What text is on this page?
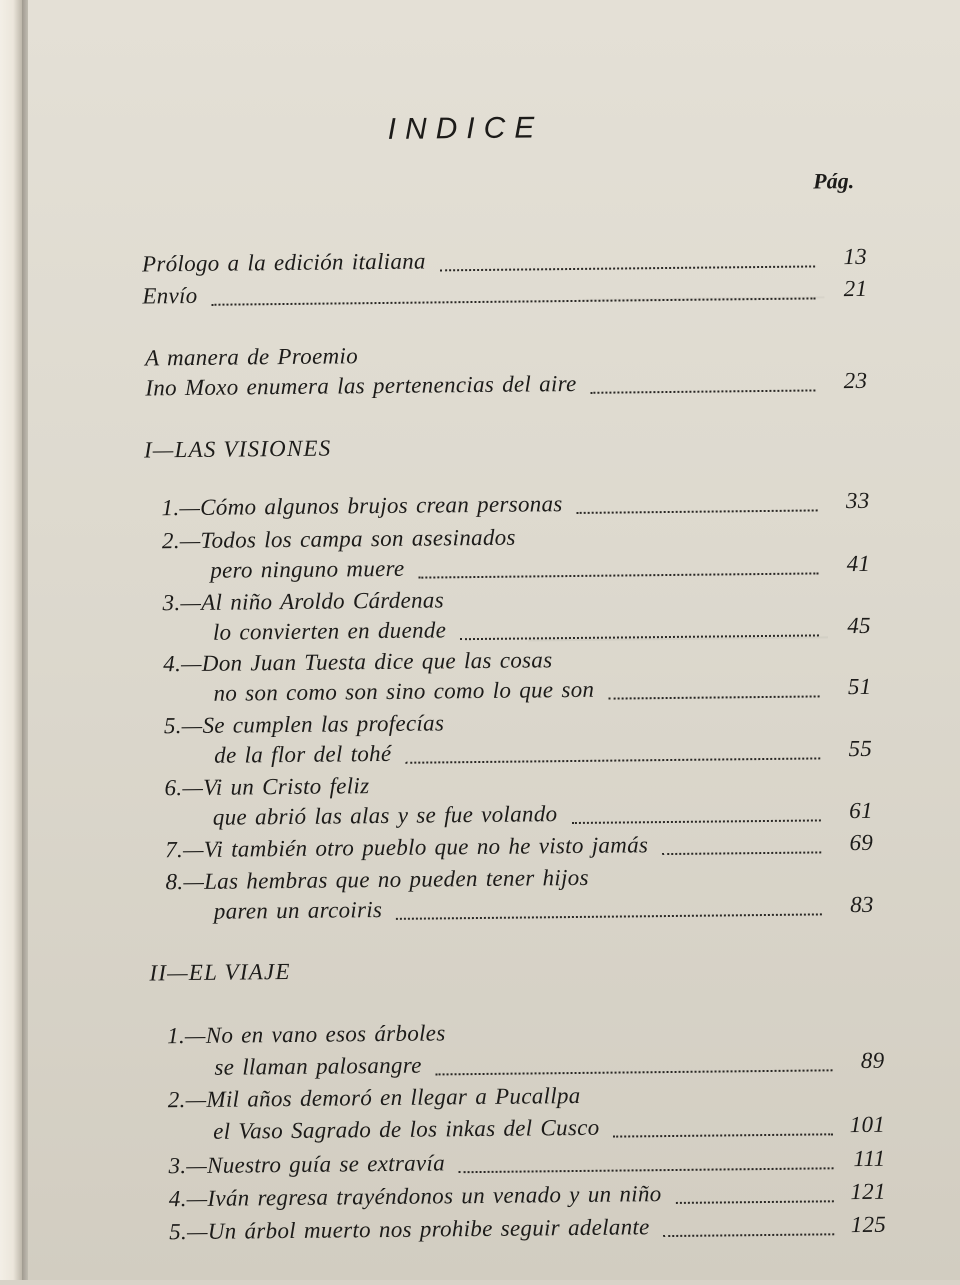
INDICE
Pág.
Prólogo a la edición italiana	13
Envío	21
A manera de Proemio
Ino Moxo enumera las pertenencias del aire	23
I—LAS VISIONES
1.—Cómo algunos brujos crean personas	33
2.—Todos los campa son asesinados
pero ninguno muere	41
3.—Al niño Aroldo Cárdenas
lo convierten en duende	45
4.—Don Juan Tuesta dice que las cosas
no son como son sino como lo que son	51
5.—Se cumplen las profecías
de la flor del tohé	55
6.—Vi un Cristo feliz
que abrió las alas y se fue volando	61
7.—Vi también otro pueblo que no he visto jamás	69
8.—Las hembras que no pueden tener hijos
paren un arcoiris	83
II—EL VIAJE
1.—No en vano esos árboles
se llaman palosangre	89
2.—Mil años demoró en llegar a Pucallpa
el Vaso Sagrado de los inkas del Cusco	101
3.—Nuestro guía se extravía	111
4.—Iván regresa trayéndonos un venado y un niño	121
5.—Un árbol muerto nos prohibe seguir adelante	125
